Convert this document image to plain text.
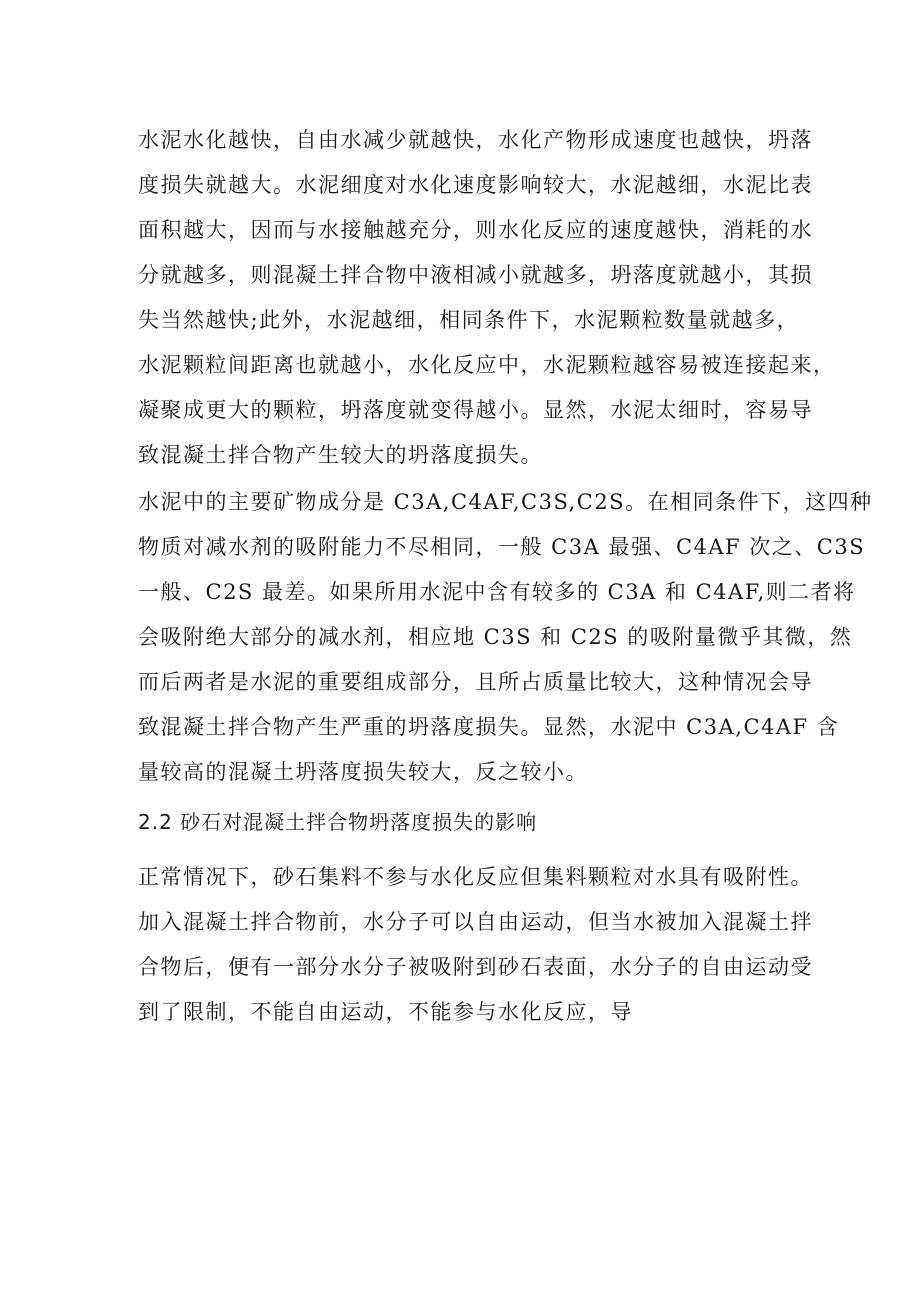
水泥水化越快，自由水减少就越快，水化产物形成速度也越快，坍落
度损失就越大。水泥细度对水化速度影响较大，水泥越细，水泥比表
面积越大，因而与水接触越充分，则水化反应的速度越快，消耗的水
分就越多，则混凝土拌合物中液相减小就越多，坍落度就越小，其损
失当然越快;此外，水泥越细，相同条件下，水泥颗粒数量就越多，
水泥颗粒间距离也就越小，水化反应中，水泥颗粒越容易被连接起来，
凝聚成更大的颗粒，坍落度就变得越小。显然，水泥太细时，容易导
致混凝土拌合物产生较大的坍落度损失。
水泥中的主要矿物成分是 C3A,C4AF,C3S,C2S。在相同条件下，这四种
物质对减水剂的吸附能力不尽相同，一般 C3A 最强、C4AF 次之、C3S
一般、C2S 最差。如果所用水泥中含有较多的 C3A 和 C4AF,则二者将
会吸附绝大部分的减水剂，相应地 C3S 和 C2S 的吸附量微乎其微，然
而后两者是水泥的重要组成部分，且所占质量比较大，这种情况会导
致混凝土拌合物产生严重的坍落度损失。显然，水泥中 C3A,C4AF 含
量较高的混凝土坍落度损失较大，反之较小。
2.2 砂石对混凝土拌合物坍落度损失的影响
正常情况下，砂石集料不参与水化反应但集料颗粒对水具有吸附性。
加入混凝土拌合物前，水分子可以自由运动，但当水被加入混凝土拌
合物后，便有一部分水分子被吸附到砂石表面，水分子的自由运动受
到了限制，不能自由运动，不能参与水化反应，导
